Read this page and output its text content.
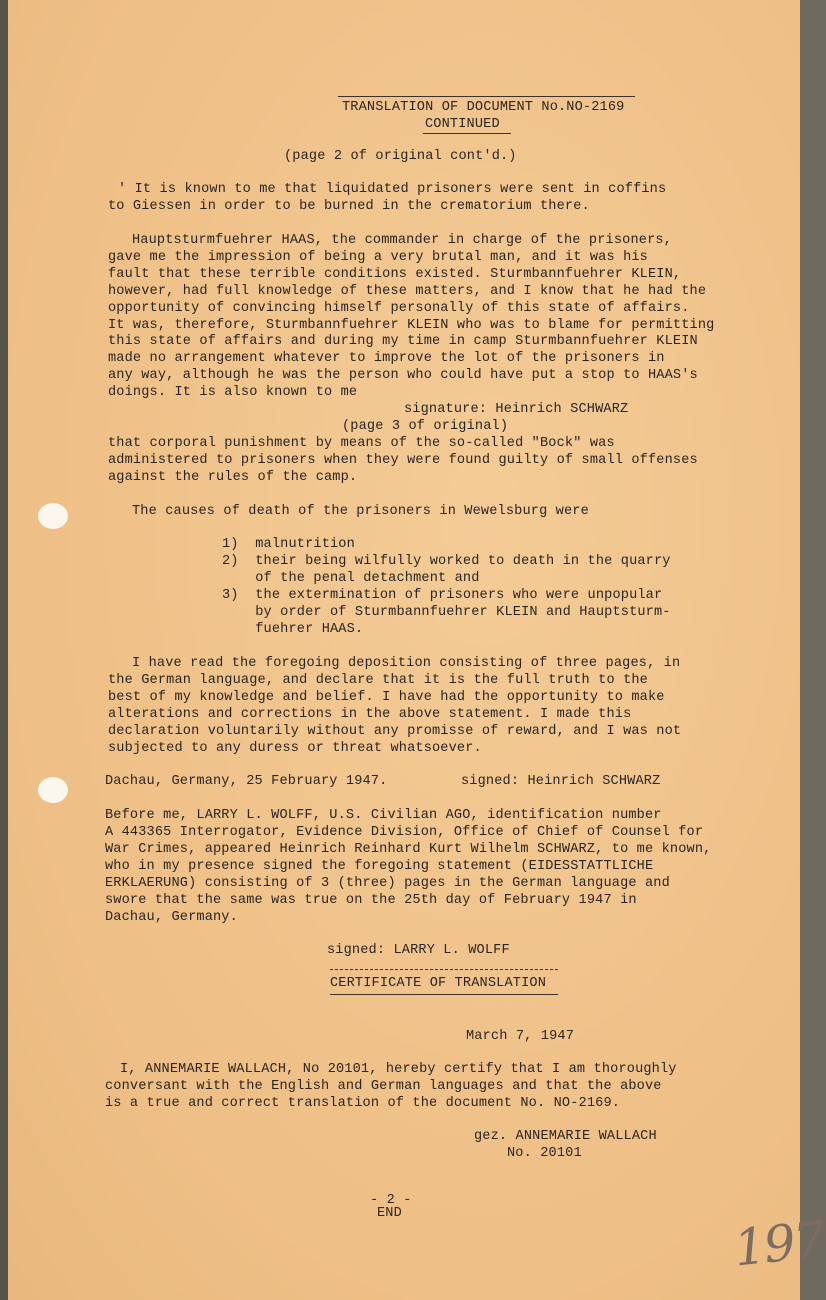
TRANSLATION OF DOCUMENT No.NO-2169

CONTINUED

(page 2 of original cont'd.)

' It is known to me that liquidated prisoners were sent in coffins

to Giessen in order to be burned in the crematorium there.

Hauptsturmfuehrer HAAS, the commander in charge of the prisoners,

gave me the impression of being a very brutal man, and it was his

fault that these terrible conditions existed. Sturmbannfuehrer KLEIN,

however, had full knowledge of these matters, and I know that he had the

opportunity of convincing himself personally of this state of affairs.

It was, therefore, Sturmbannfuehrer KLEIN who was to blame for permitting

this state of affairs and during my time in camp Sturmbannfuehrer KLEIN

made no arrangement whatever to improve the lot of the prisoners in

any way, although he was the person who could have put a stop to HAAS's

doings. It is also known to me

signature: Heinrich SCHWARZ

(page 3 of original)

that corporal punishment by means of the so-called "Bock" was

administered to prisoners when they were found guilty of small offenses

against the rules of the camp.

The causes of death of the prisoners in Wewelsburg were

1)  malnutrition

2)  their being wilfully worked to death in the quarry

of the penal detachment and

3)  the extermination of prisoners who were unpopular

by order of Sturmbannfuehrer KLEIN and Hauptsturm-

fuehrer HAAS.

I have read the foregoing deposition consisting of three pages, in

the German language, and declare that it is the full truth to the

best of my knowledge and belief. I have had the opportunity to make

alterations and corrections in the above statement. I made this

declaration voluntarily without any promisse of reward, and I was not

subjected to any duress or threat whatsoever.

Dachau, Germany, 25 February 1947.	signed: Heinrich SCHWARZ

Before me, LARRY L. WOLFF, U.S. Civilian AGO, identification number

A 443365 Interrogator, Evidence Division, Office of Chief of Counsel for

War Crimes, appeared Heinrich Reinhard Kurt Wilhelm SCHWARZ, to me known,

who in my presence signed the foregoing statement (EIDESSTATTLICHE

ERKLAERUNG) consisting of 3 (three) pages in the German language and

swore that the same was true on the 25th day of February 1947 in

Dachau, Germany.

signed: LARRY L. WOLFF

CERTIFICATE OF TRANSLATION

March 7, 1947

I, ANNEMARIE WALLACH, No 20101, hereby certify that I am thoroughly

conversant with the English and German languages and that the above

is a true and correct translation of the document No. NO-2169.

gez. ANNEMARIE WALLACH

No. 20101

- 2 -

END	197
